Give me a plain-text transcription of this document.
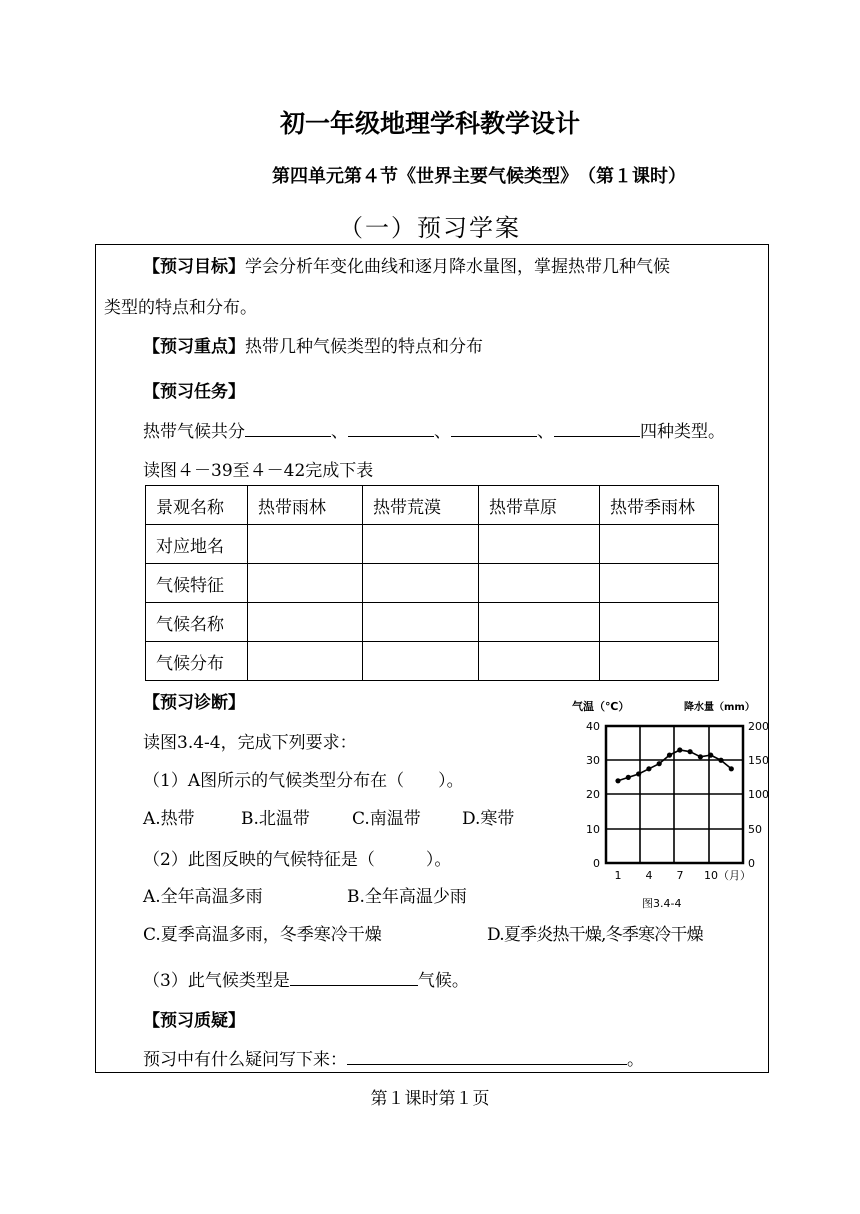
初一年级地理学科教学设计
第四单元第４节《世界主要气候类型》　（第１课时）
（一）预习学案
【预习目标】学会分析年变化曲线和逐月降水量图，掌握热带几种气候
类型的特点和分布。
【预习重点】热带几种气候类型的特点和分布
【预习任务】
热带气候共分	、	、	、	四种类型。
读图４－39至４－42完成下表
景观名称	热带雨林	热带荒漠	热带草原	热带季雨林
对应地名				
气候特征				
气候名称				
气候分布				
【预习诊断】
读图3.4-4，完成下列要求：
（1）A图所示的气候类型分布在（　　）。
A.热带	B.北温带 C.南温带 D.寒带
（2）此图反映的气候特征是（　　　）。
A.全年高温多雨	B.全年高温少雨
C.夏季高温多雨，冬季寒冷干燥	D.夏季炎热干燥,冬季寒冷干燥
（3）此气候类型是	气候。
【预习质疑】
预习中有什么疑问写下来：	。
气温（℃）	降水量（mm）
0
10
20
30
40
0
50
100
150
200
1 4 7 10（月）
图3.4-4
第１课时第１页
